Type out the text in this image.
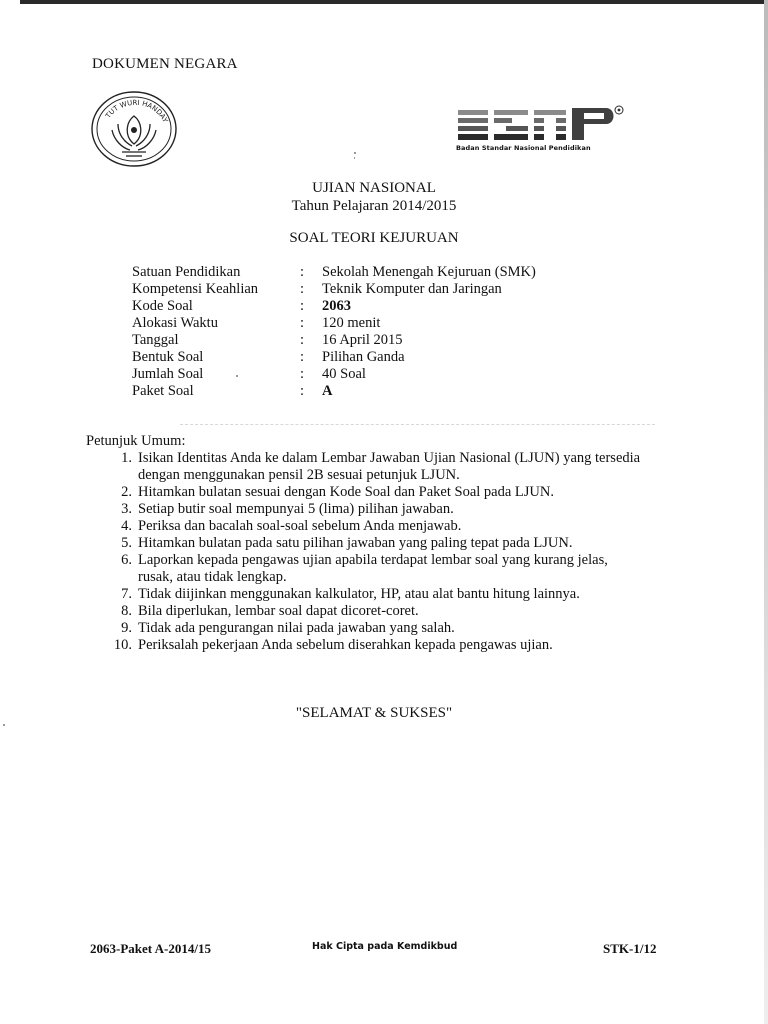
DOKUMEN NEGARA
TUT WURI HANDAY
Badan Standar Nasional Pendidikan
UJIAN NASIONAL
Tahun Pelajaran 2014/2015
SOAL TEORI KEJURUAN
Satuan Pendidikan	:	Sekolah Menengah Kejuruan (SMK)
Kompetensi Keahlian	:	Teknik Komputer dan Jaringan
Kode Soal	:	2063
Alokasi Waktu	:	120 menit
Tanggal	:	16 April 2015
Bentuk Soal	:	Pilihan Ganda
Jumlah Soal	:	40 Soal
Paket Soal	:	A
Petunjuk Umum:
1. Isikan Identitas Anda ke dalam Lembar Jawaban Ujian Nasional (LJUN) yang tersedia dengan menggunakan pensil 2B sesuai petunjuk LJUN.
2. Hitamkan bulatan sesuai dengan Kode Soal dan Paket Soal pada LJUN.
3. Setiap butir soal mempunyai 5 (lima) pilihan jawaban.
4. Periksa dan bacalah soal-soal sebelum Anda menjawab.
5. Hitamkan bulatan pada satu pilihan jawaban yang paling tepat pada LJUN.
6. Laporkan kepada pengawas ujian apabila terdapat lembar soal yang kurang jelas, rusak, atau tidak lengkap.
7. Tidak diijinkan menggunakan kalkulator, HP, atau alat bantu hitung lainnya.
8. Bila diperlukan, lembar soal dapat dicoret-coret.
9. Tidak ada pengurangan nilai pada jawaban yang salah.
10. Periksalah pekerjaan Anda sebelum diserahkan kepada pengawas ujian.
"SELAMAT & SUKSES"
2063-Paket A-2014/15	Hak Cipta pada Kemdikbud	STK-1/12
